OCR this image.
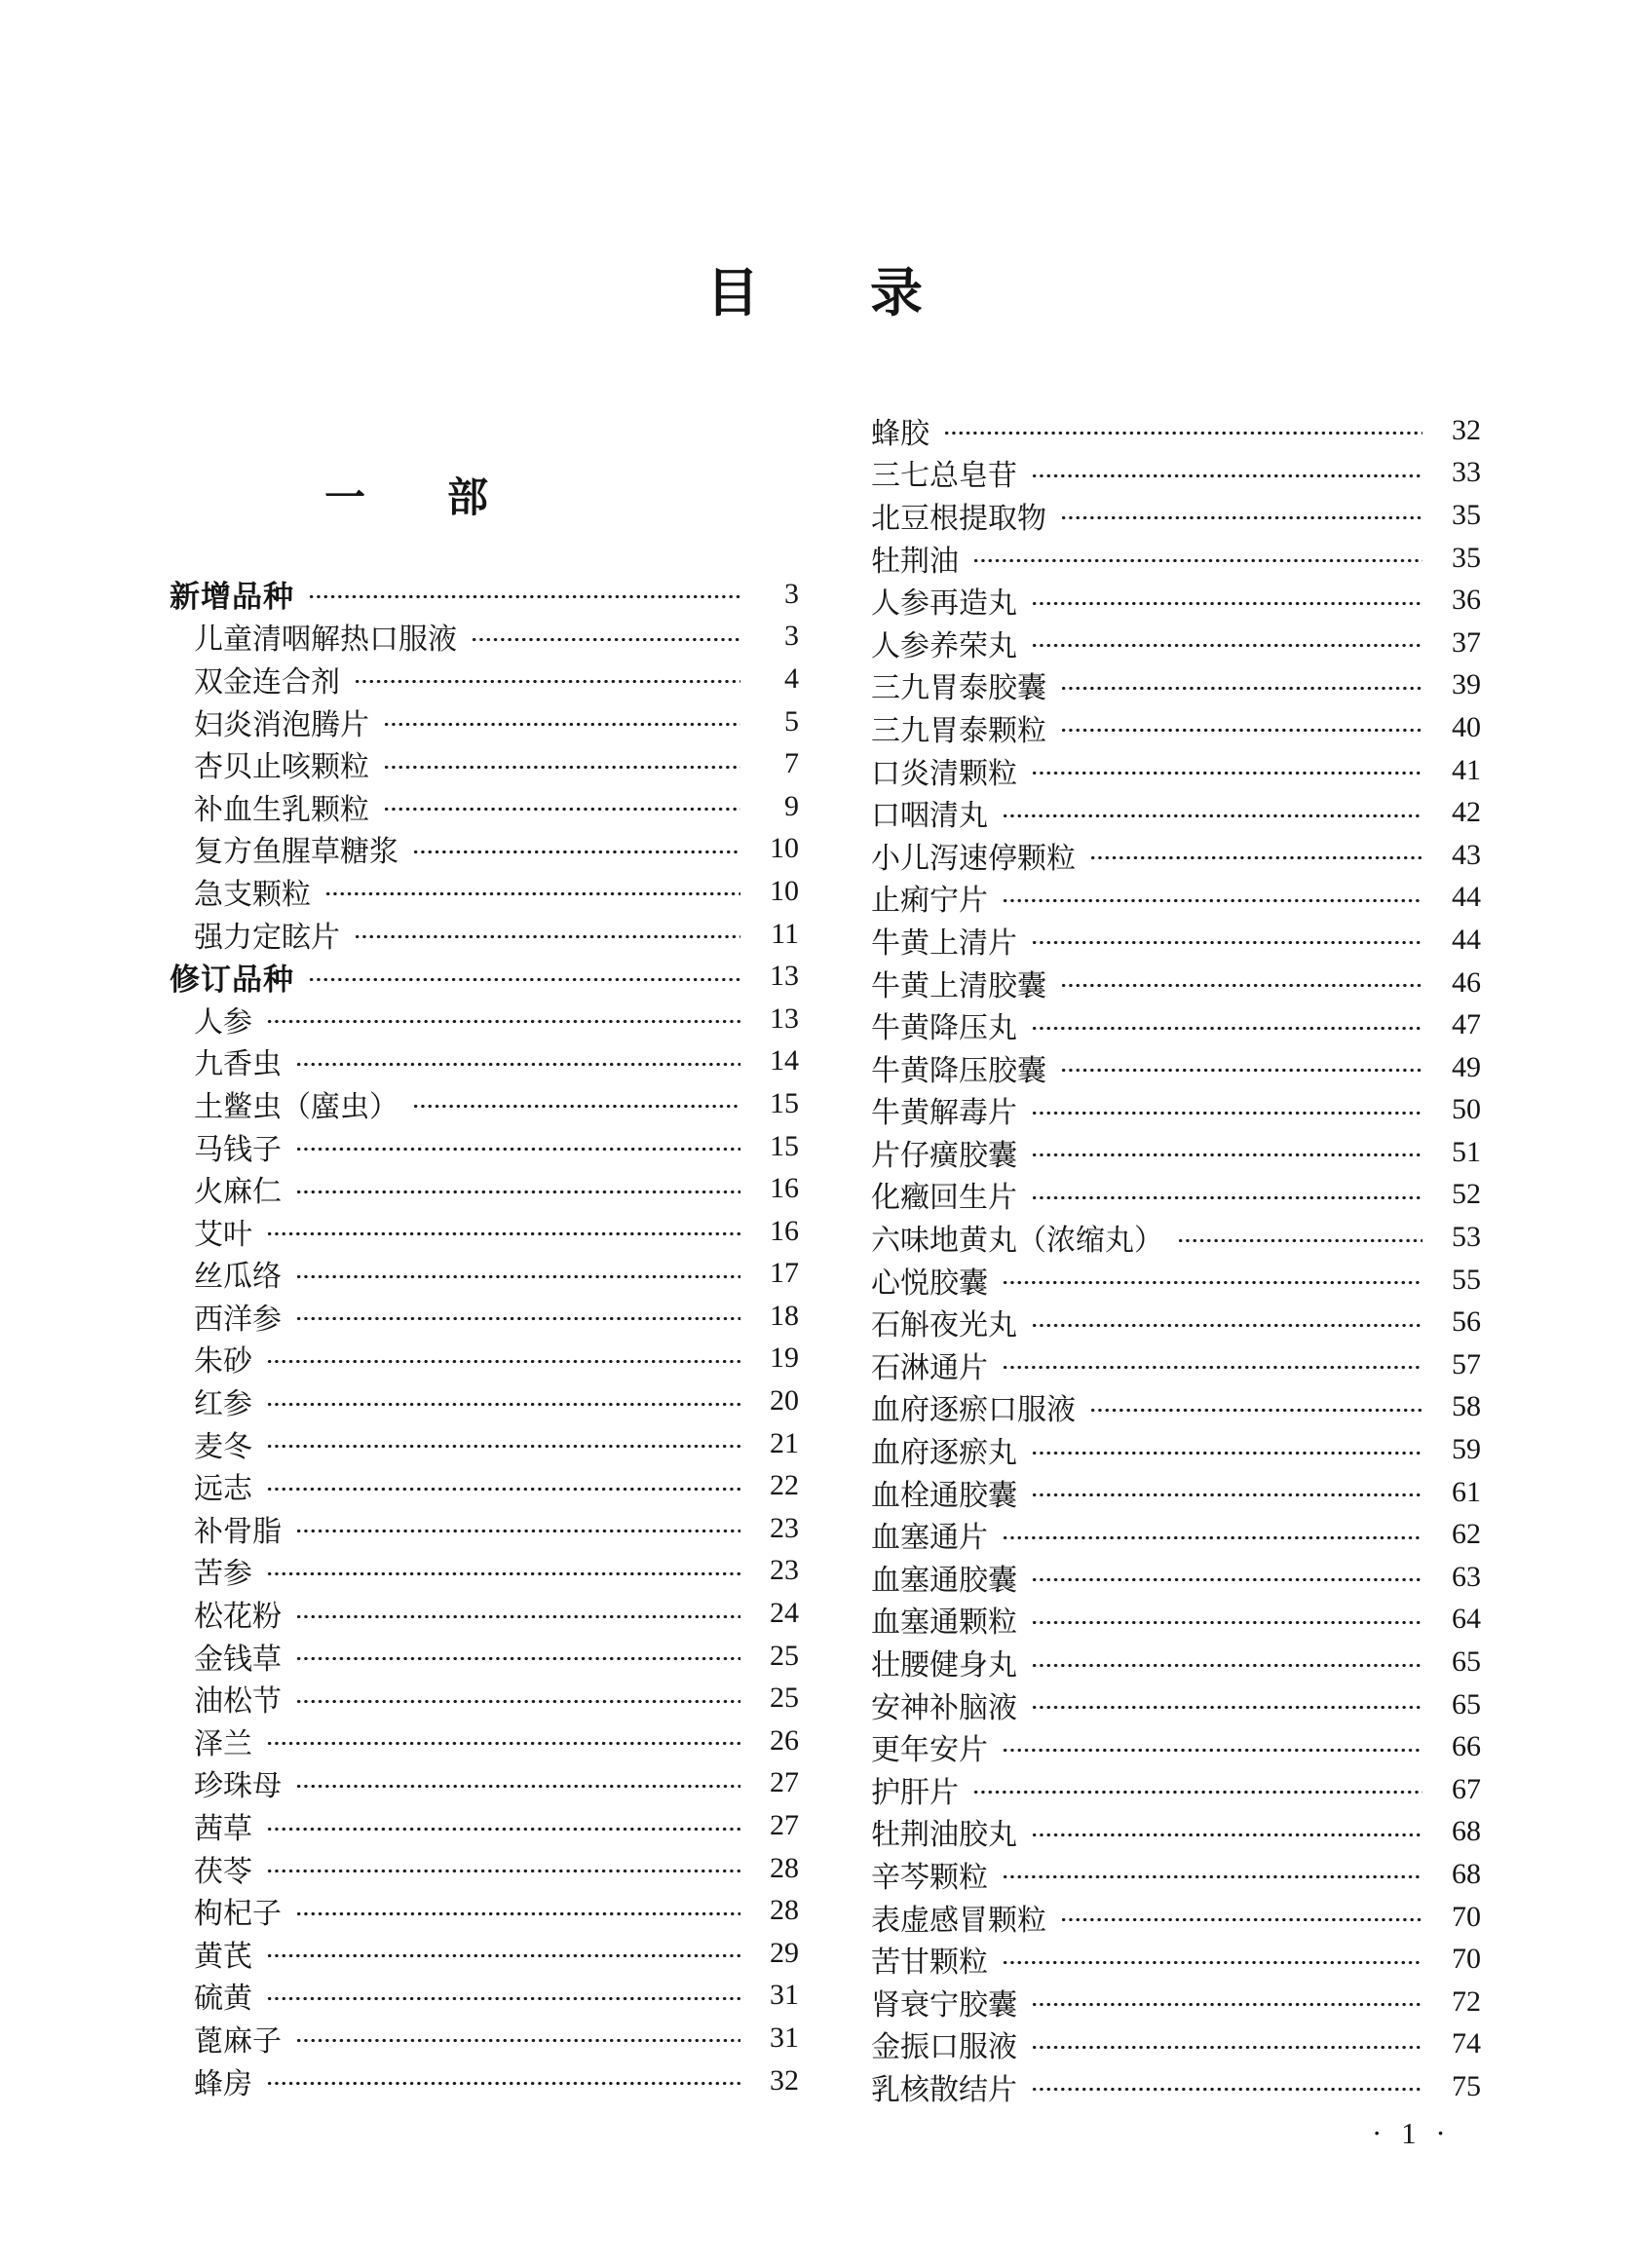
目　　录
一　　部
新增品种	3
儿童清咽解热口服液	3
双金连合剂	4
妇炎消泡腾片	5
杏贝止咳颗粒	7
补血生乳颗粒	9
复方鱼腥草糖浆	10
急支颗粒	10
强力定眩片	11
修订品种	13
人参	13
九香虫	14
土鳖虫（䗪虫）	15
马钱子	15
火麻仁	16
艾叶	16
丝瓜络	17
西洋参	18
朱砂	19
红参	20
麦冬	21
远志	22
补骨脂	23
苦参	23
松花粉	24
金钱草	25
油松节	25
泽兰	26
珍珠母	27
茜草	27
茯苓	28
枸杞子	28
黄芪	29
硫黄	31
蓖麻子	31
蜂房	32
蜂胶	32
三七总皂苷	33
北豆根提取物	35
牡荆油	35
人参再造丸	36
人参养荣丸	37
三九胃泰胶囊	39
三九胃泰颗粒	40
口炎清颗粒	41
口咽清丸	42
小儿泻速停颗粒	43
止痢宁片	44
牛黄上清片	44
牛黄上清胶囊	46
牛黄降压丸	47
牛黄降压胶囊	49
牛黄解毒片	50
片仔癀胶囊	51
化癥回生片	52
六味地黄丸（浓缩丸）	53
心悦胶囊	55
石斛夜光丸	56
石淋通片	57
血府逐瘀口服液	58
血府逐瘀丸	59
血栓通胶囊	61
血塞通片	62
血塞通胶囊	63
血塞通颗粒	64
壮腰健身丸	65
安神补脑液	65
更年安片	66
护肝片	67
牡荆油胶丸	68
辛芩颗粒	68
表虚感冒颗粒	70
苦甘颗粒	70
肾衰宁胶囊	72
金振口服液	74
乳核散结片	75
· 1 ·
